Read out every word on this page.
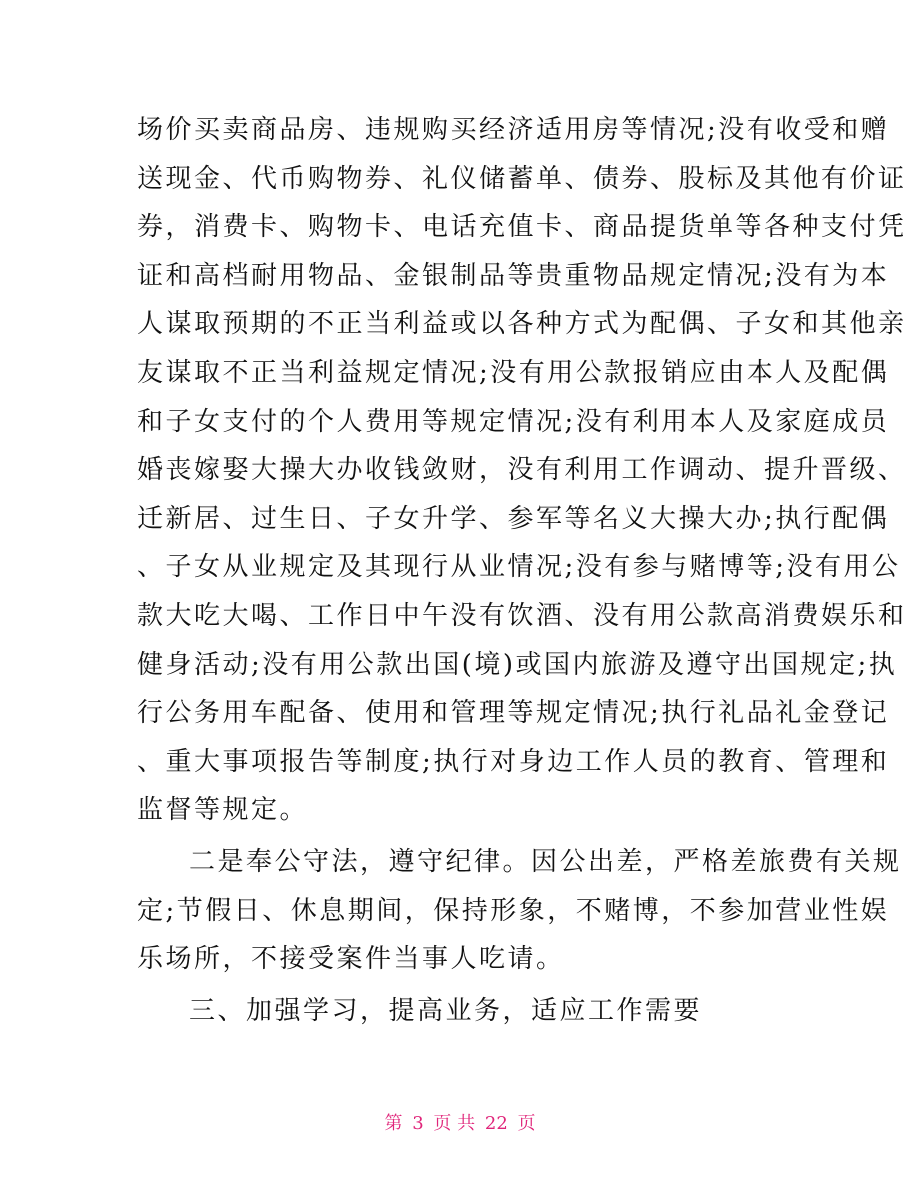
场价买卖商品房、违规购买经济适用房等情况;没有收受和赠
送现金、代币购物券、礼仪储蓄单、债券、股标及其他有价证
券，消费卡、购物卡、电话充值卡、商品提货单等各种支付凭
证和高档耐用物品、金银制品等贵重物品规定情况;没有为本
人谋取预期的不正当利益或以各种方式为配偶、子女和其他亲
友谋取不正当利益规定情况;没有用公款报销应由本人及配偶
和子女支付的个人费用等规定情况;没有利用本人及家庭成员
婚丧嫁娶大操大办收钱敛财，没有利用工作调动、提升晋级、
迁新居、过生日、子女升学、参军等名义大操大办;执行配偶
、子女从业规定及其现行从业情况;没有参与赌博等;没有用公
款大吃大喝、工作日中午没有饮酒、没有用公款高消费娱乐和
健身活动;没有用公款出国(境)或国内旅游及遵守出国规定;执
行公务用车配备、使用和管理等规定情况;执行礼品礼金登记
、重大事项报告等制度;执行对身边工作人员的教育、管理和
监督等规定。
二是奉公守法，遵守纪律。因公出差，严格差旅费有关规
定;节假日、休息期间，保持形象，不赌博，不参加营业性娱
乐场所，不接受案件当事人吃请。
三、加强学习，提高业务，适应工作需要
第 3 页 共 22 页
